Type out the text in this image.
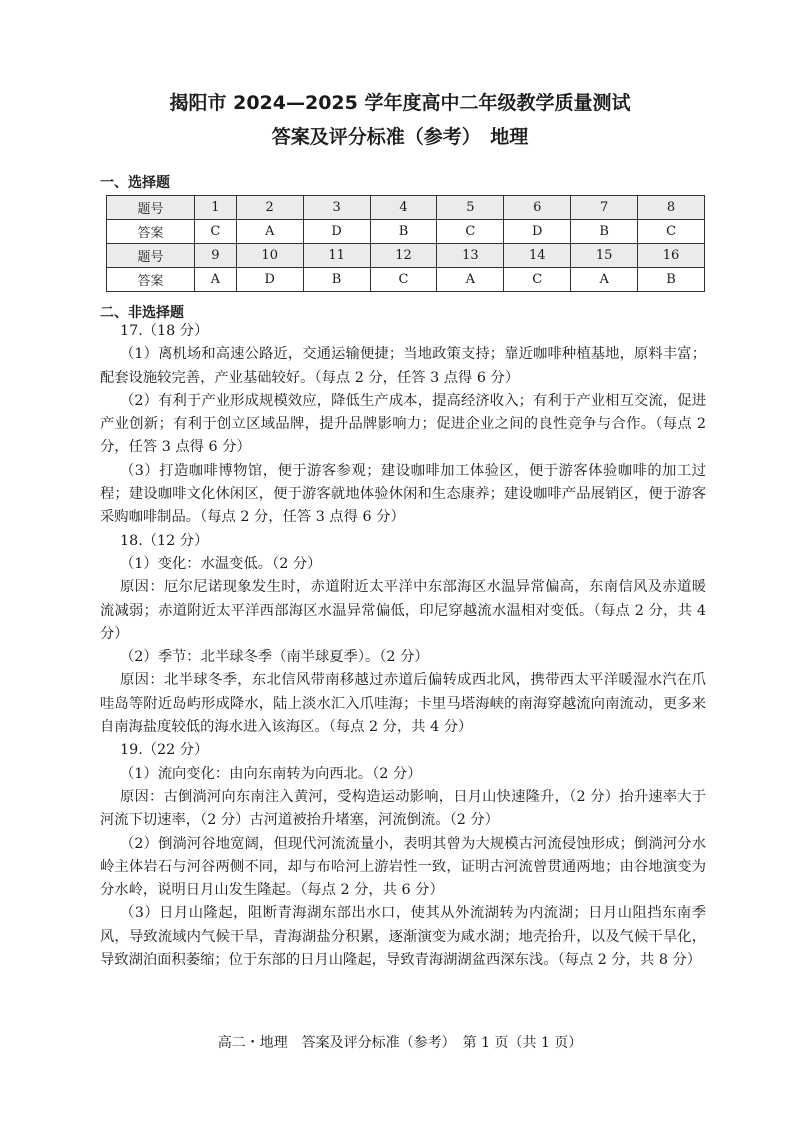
揭阳市 2024—2025 学年度高中二年级教学质量测试
答案及评分标准（参考）　地理
一、选择题
题号	1	2	3	4	5	6	7	8
答案	C	A	D	B	C	D	B	C
题号	9	10	11	12	13	14	15	16
答案	A	D	B	C	A	C	A	B
二、非选择题

17.（18 分）

（1）离机场和高速公路近，交通运输便捷；当地政策支持；靠近咖啡种植基地，原料丰富；配套设施较完善，产业基础较好。（每点 2 分，任答 3 点得 6 分）

（2）有利于产业形成规模效应，降低生产成本，提高经济收入；有利于产业相互交流，促进产业创新；有利于创立区域品牌，提升品牌影响力；促进企业之间的良性竞争与合作。（每点 2 分，任答 3 点得 6 分）

（3）打造咖啡博物馆，便于游客参观；建设咖啡加工体验区，便于游客体验咖啡的加工过程；建设咖啡文化休闲区，便于游客就地体验休闲和生态康养；建设咖啡产品展销区，便于游客采购咖啡制品。（每点 2 分，任答 3 点得 6 分）

18.（12 分）

（1）变化：水温变低。（2 分）

原因：厄尔尼诺现象发生时，赤道附近太平洋中东部海区水温异常偏高，东南信风及赤道暖流减弱；赤道附近太平洋西部海区水温异常偏低，印尼穿越流水温相对变低。（每点 2 分，共 4 分）

（2）季节：北半球冬季（南半球夏季）。（2 分）

原因：北半球冬季，东北信风带南移越过赤道后偏转成西北风，携带西太平洋暖湿水汽在爪哇岛等附近岛屿形成降水，陆上淡水汇入爪哇海；卡里马塔海峡的南海穿越流向南流动，更多来自南海盐度较低的海水进入该海区。（每点 2 分，共 4 分）

19.（22 分）

（1）流向变化：由向东南转为向西北。（2 分）

原因：古倒淌河向东南注入黄河，受构造运动影响，日月山快速隆升，（2 分）抬升速率大于河流下切速率，（2 分）古河道被抬升堵塞，河流倒流。（2 分）

（2）倒淌河谷地宽阔，但现代河流流量小，表明其曾为大规模古河流侵蚀形成；倒淌河分水岭主体岩石与河谷两侧不同，却与布哈河上游岩性一致，证明古河流曾贯通两地；由谷地演变为分水岭，说明日月山发生隆起。（每点 2 分，共 6 分）

（3）日月山隆起，阻断青海湖东部出水口，使其从外流湖转为内流湖；日月山阻挡东南季风，导致流域内气候干旱，青海湖盐分积累，逐渐演变为咸水湖；地壳抬升，以及气候干旱化，导致湖泊面积萎缩；位于东部的日月山隆起，导致青海湖湖盆西深东浅。（每点 2 分，共 8 分）

高二・地理　答案及评分标准（参考）　第 1 页（共 1 页）
